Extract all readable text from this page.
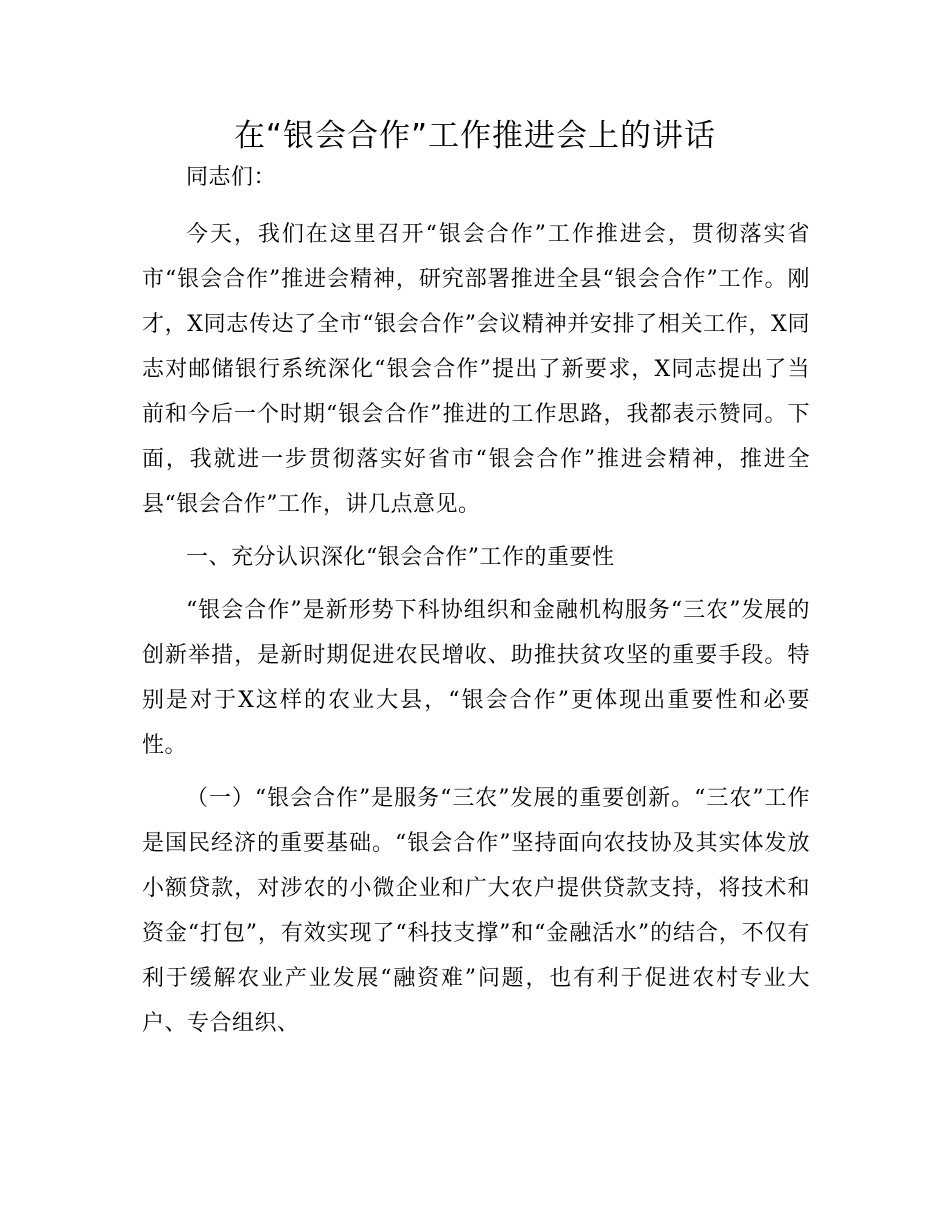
在“银会合作”工作推进会上的讲话

同志们：

今天，我们在这里召开“银会合作”工作推进会，贯彻落实省市“银会合作”推进会精神，研究部署推进全县“银会合作”工作。刚才，X同志传达了全市“银会合作”会议精神并安排了相关工作，X同志对邮储银行系统深化“银会合作”提出了新要求，X同志提出了当前和今后一个时期“银会合作”推进的工作思路，我都表示赞同。下面，我就进一步贯彻落实好省市“银会合作”推进会精神，推进全县“银会合作”工作，讲几点意见。

一、充分认识深化“银会合作”工作的重要性

“银会合作”是新形势下科协组织和金融机构服务“三农”发展的创新举措，是新时期促进农民增收、助推扶贫攻坚的重要手段。特别是对于X这样的农业大县，“银会合作”更体现出重要性和必要性。

（一）“银会合作”是服务“三农”发展的重要创新。“三农”工作是国民经济的重要基础。“银会合作”坚持面向农技协及其实体发放小额贷款，对涉农的小微企业和广大农户提供贷款支持，将技术和资金“打包”，有效实现了“科技支撑”和“金融活水”的结合，不仅有利于缓解农业产业发展“融资难”问题，也有利于促进农村专业大户、专合组织、
